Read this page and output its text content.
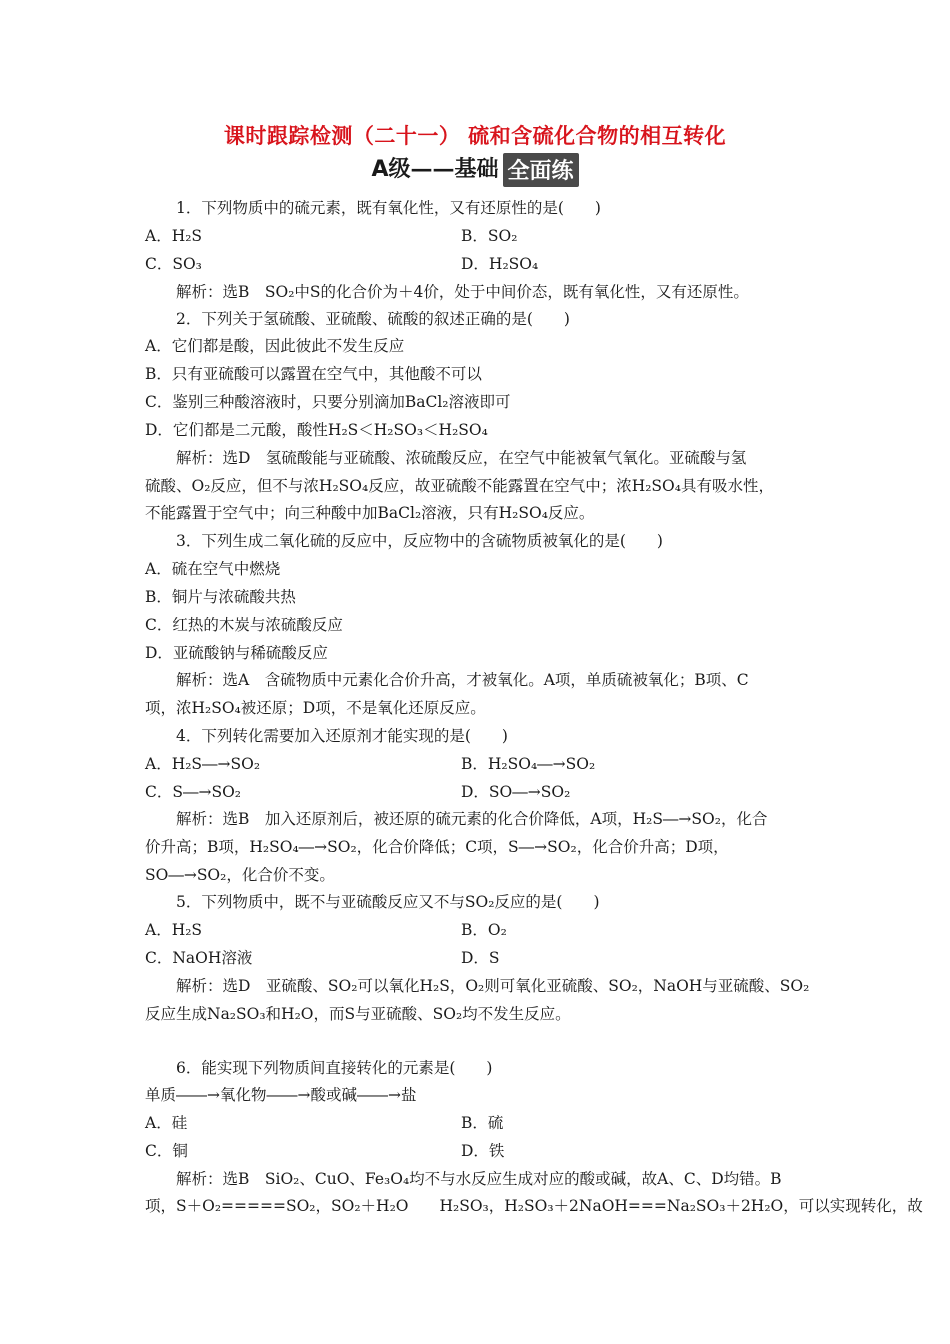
课时跟踪检测（二十一） 硫和含硫化合物的相互转化
A级——基础 全面练
1．下列物质中的硫元素，既有氧化性，又有还原性的是(　　)
A．H₂S	B．SO₂
C．SO₃	D．H₂SO₄
解析：选B　SO₂中S的化合价为＋4价，处于中间价态，既有氧化性，又有还原性。
2．下列关于氢硫酸、亚硫酸、硫酸的叙述正确的是(　　)
A．它们都是酸，因此彼此不发生反应
B．只有亚硫酸可以露置在空气中，其他酸不可以
C．鉴别三种酸溶液时，只要分别滴加BaCl₂溶液即可
D．它们都是二元酸，酸性H₂S＜H₂SO₃＜H₂SO₄
解析：选D　氢硫酸能与亚硫酸、浓硫酸反应，在空气中能被氧气氧化。亚硫酸与氢
硫酸、O₂反应，但不与浓H₂SO₄反应，故亚硫酸不能露置在空气中；浓H₂SO₄具有吸水性，
不能露置于空气中；向三种酸中加BaCl₂溶液，只有H₂SO₄反应。
3．下列生成二氧化硫的反应中，反应物中的含硫物质被氧化的是(　　)
A．硫在空气中燃烧
B．铜片与浓硫酸共热
C．红热的木炭与浓硫酸反应
D．亚硫酸钠与稀硫酸反应
解析：选A　含硫物质中元素化合价升高，才被氧化。A项，单质硫被氧化；B项、C
项，浓H₂SO₄被还原；D项，不是氧化还原反应。
4．下列转化需要加入还原剂才能实现的是(　　)
A．H₂S―→SO₂	B．H₂SO₄―→SO₂
C．S―→SO₂	D．SO―→SO₂
解析：选B　加入还原剂后，被还原的硫元素的化合价降低，A项，H₂S―→SO₂，化合
价升高；B项，H₂SO₄―→SO₂，化合价降低；C项，S―→SO₂，化合价升高；D项，
SO―→SO₂，化合价不变。
5．下列物质中，既不与亚硫酸反应又不与SO₂反应的是(　　)
A．H₂S	B．O₂
C．NaOH溶液	D．S
解析：选D　亚硫酸、SO₂可以氧化H₂S，O₂则可氧化亚硫酸、SO₂，NaOH与亚硫酸、SO₂
反应生成Na₂SO₃和H₂O，而S与亚硫酸、SO₂均不发生反应。
6．能实现下列物质间直接转化的元素是(　　)
单质――→氧化物――→酸或碱――→盐
A．硅	B．硫
C．铜	D．铁
解析：选B　SiO₂、CuO、Fe₃O₄均不与水反应生成对应的酸或碱，故A、C、D均错。B
项，S＋O₂=====SO₂，SO₂＋H₂O　　H₂SO₃，H₂SO₃＋2NaOH===Na₂SO₃＋2H₂O，可以实现转化，故
